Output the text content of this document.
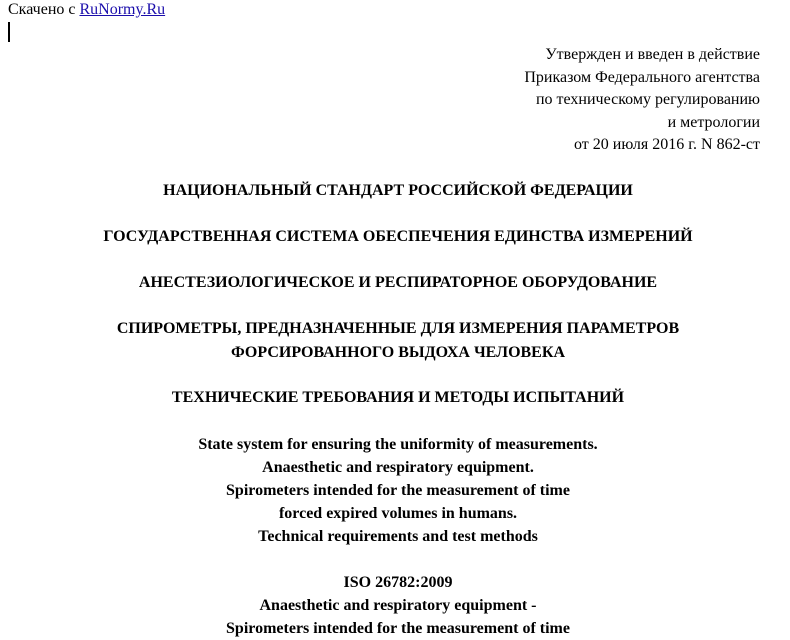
Скачено с RuNormy.Ru
Утвержден и введен в действие
Приказом Федерального агентства
по техническому регулированию
и метрологии
от 20 июля 2016 г. N 862-ст
НАЦИОНАЛЬНЫЙ СТАНДАРТ РОССИЙСКОЙ ФЕДЕРАЦИИ
ГОСУДАРСТВЕННАЯ СИСТЕМА ОБЕСПЕЧЕНИЯ ЕДИНСТВА ИЗМЕРЕНИЙ
АНЕСТЕЗИОЛОГИЧЕСКОЕ И РЕСПИРАТОРНОЕ ОБОРУДОВАНИЕ
СПИРОМЕТРЫ, ПРЕДНАЗНАЧЕННЫЕ ДЛЯ ИЗМЕРЕНИЯ ПАРАМЕТРОВ
ФОРСИРОВАННОГО ВЫДОХА ЧЕЛОВЕКА
ТЕХНИЧЕСКИЕ ТРЕБОВАНИЯ И МЕТОДЫ ИСПЫТАНИЙ
State system for ensuring the uniformity of measurements.
Anaesthetic and respiratory equipment.
Spirometers intended for the measurement of time
forced expired volumes in humans.
Technical requirements and test methods
ISO 26782:2009
Anaesthetic and respiratory equipment -
Spirometers intended for the measurement of time
